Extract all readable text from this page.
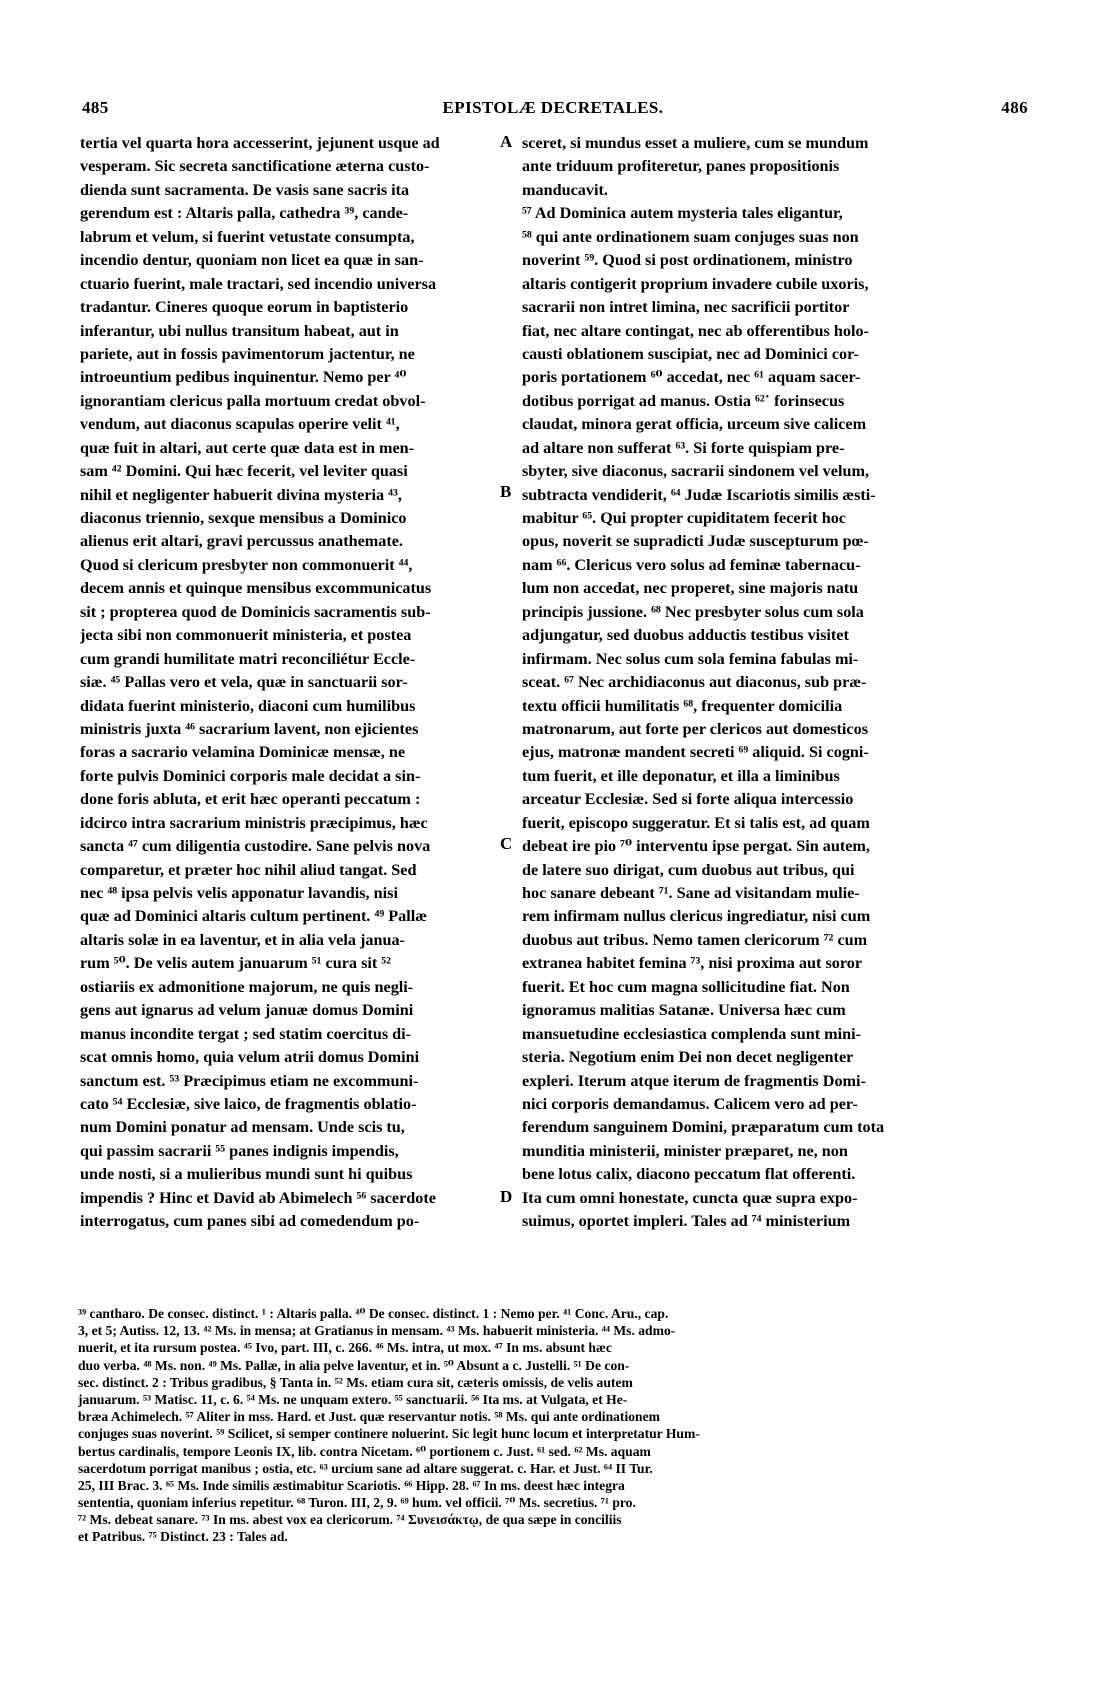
485	EPISTOLÆ DECRETALES.	486
tertia vel quarta hora accesserint, jejunent usque ad
vesperam. Sic secreta sanctificatione æterna custo-
dienda sunt sacramenta. De vasis sane sacris ita
gerendum est : Altaris palla, cathedra ³⁹, cande-
labrum et velum, si fuerint vetustate consumpta,
incendio dentur, quoniam non licet ea quæ in san-
ctuario fuerint, male tractari, sed incendio universa
tradantur. Cineres quoque eorum in baptisterio
inferantur, ubi nullus transitum habeat, aut in
pariete, aut in fossis pavimentorum jactentur, ne
introeuntium pedibus inquinentur. Nemo per ⁴⁰
ignorantiam clericus palla mortuum credat obvol-
vendum, aut diaconus scapulas operire velit ⁴¹,
quæ fuit in altari, aut certe quæ data est in men-
sam ⁴² Domini. Qui hæc fecerit, vel leviter quasi
nihil et negligenter habuerit divina mysteria ⁴³,
diaconus triennio, sexque mensibus a Dominico
alienus erit altari, gravi percussus anathemate.
Quod si clericum presbyter non commonuerit ⁴⁴,
decem annis et quinque mensibus excommunicatus
sit ; propterea quod de Dominicis sacramentis sub-
jecta sibi non commonuerit ministeria, et postea
cum grandi humilitate matri reconciliétur Eccle-
siæ. ⁴⁵ Pallas vero et vela, quæ in sanctuarii sor-
didata fuerint ministerio, diaconi cum humilibus
ministris juxta ⁴⁶ sacrarium lavent, non ejicientes
foras a sacrario velamina Dominicæ mensæ, ne
forte pulvis Dominici corporis male decidat a sin-
done foris abluta, et erit hæc operanti peccatum :
idcirco intra sacrarium ministris præcipimus, hæc
sancta ⁴⁷ cum diligentia custodire. Sane pelvis nova
comparetur, et præter hoc nihil aliud tangat. Sed
nec ⁴⁸ ipsa pelvis velis apponatur lavandis, nisi
quæ ad Dominici altaris cultum pertinent. ⁴⁹ Pallæ
altaris solæ in ea laventur, et in alia vela janua-
rum ⁵⁰. De velis autem januarum ⁵¹ cura sit ⁵²
ostiariis ex admonitione majorum, ne quis negli-
gens aut ignarus ad velum januæ domus Domini
manus incondite tergat ; sed statim coercitus di-
scat omnis homo, quia velum atrii domus Domini
sanctum est. ⁵³ Præcipimus etiam ne excommuni-
cato ⁵⁴ Ecclesiæ, sive laico, de fragmentis oblatio-
num Domini ponatur ad mensam. Unde scis tu,
qui passim sacrarii ⁵⁵ panes indignis impendis,
unde nosti, si a mulieribus mundi sunt hi quibus
impendis ? Hinc et David ab Abimelech ⁵⁶ sacerdote
interrogatus, cum panes sibi ad comedendum po-
sceret, si mundus esset a muliere, cum se mundum
ante triduum profiteretur, panes propositionis
manducavit.
⁵⁷ Ad Dominica autem mysteria tales eligantur,
⁵⁸ qui ante ordinationem suam conjuges suas non
noverint ⁵⁹. Quod si post ordinationem, ministro
altaris contigerit proprium invadere cubile uxoris,
sacrarii non intret limina, nec sacrificii portitor
fiat, nec altare contingat, nec ab offerentibus holo-
causti oblationem suscipiat, nec ad Dominici cor-
poris portationem ⁶⁰ accedat, nec ⁶¹ aquam sacer-
dotibus porrigat ad manus. Ostia ⁶²˙ forinsecus
claudat, minora gerat officia, urceum sive calicem
ad altare non sufferat ⁶³. Si forte quispiam pre-
sbyter, sive diaconus, sacrarii sindonem vel velum,
subtracta vendiderit, ⁶⁴ Judæ Iscariotis similis æsti-
mabitur ⁶⁵. Qui propter cupiditatem fecerit hoc
opus, noverit se supradicti Judæ suscepturum pœ-
nam ⁶⁶. Clericus vero solus ad feminæ tabernacu-
lum non accedat, nec properet, sine majoris natu
principis jussione. ⁶⁸ Nec presbyter solus cum sola
adjungatur, sed duobus adductis testibus visitet
infirmam. Nec solus cum sola femina fabulas mi-
sceat. ⁶⁷ Nec archidiaconus aut diaconus, sub præ-
textu officii humilitatis ⁶⁸, frequenter domicilia
matronarum, aut forte per clericos aut domesticos
ejus, matronæ mandent secreti ⁶⁹ aliquid. Si cogni-
tum fuerit, et ille deponatur, et illa a liminibus
arceatur Ecclesiæ. Sed si forte aliqua intercessio
fuerit, episcopo suggeratur. Et si talis est, ad quam
debeat ire pio ⁷⁰ interventu ipse pergat. Sin autem,
de latere suo dirigat, cum duobus aut tribus, qui
hoc sanare debeant ⁷¹. Sane ad visitandam mulie-
rem infirmam nullus clericus ingrediatur, nisi cum
duobus aut tribus. Nemo tamen clericorum ⁷² cum
extranea habitet femina ⁷³, nisi proxima aut soror
fuerit. Et hoc cum magna sollicitudine fiat. Non
ignoramus malitias Satanæ. Universa hæc cum
mansuetudine ecclesiastica complenda sunt mini-
steria. Negotium enim Dei non decet negligenter
expleri. Iterum atque iterum de fragmentis Domi-
nici corporis demandamus. Calicem vero ad per-
ferendum sanguinem Domini, præparatum cum tota
munditia ministerii, minister præparet, ne, non
bene lotus calix, diacono peccatum flat offerenti.
Ita cum omni honestate, cuncta quæ supra expo-
suimus, oportet impleri. Tales ad ⁷⁴ ministerium
A
B
C
D
³⁹ cantharo. De consec. distinct. ¹ : Altaris palla. ⁴⁰ De consec. distinct. 1 : Nemo per. ⁴¹ Conc. Aru., cap.
3, et 5; Autiss. 12, 13. ⁴² Ms. in mensa; at Gratianus in mensam. ⁴³ Ms. habuerit ministeria. ⁴⁴ Ms. admo-
nuerit, et ita rursum postea. ⁴⁵ Ivo, part. III, c. 266. ⁴⁶ Ms. intra, ut mox. ⁴⁷ In ms. absunt hæc
duo verba. ⁴⁸ Ms. non. ⁴⁹ Ms. Pallæ, in alia pelve laventur, et in. ⁵⁰ Absunt a c. Justelli. ⁵¹ De con-
sec. distinct. 2 : Tribus gradibus, § Tanta in. ⁵² Ms. etiam cura sit, cæteris omissis, de velis autem
januarum. ⁵³ Matisc. 11, c. 6. ⁵⁴ Ms. ne unquam extero. ⁵⁵ sanctuarii. ⁵⁶ Ita ms. at Vulgata, et He-
bræa Achimelech. ⁵⁷ Aliter in mss. Hard. et Just. quæ reservantur notis. ⁵⁸ Ms. qui ante ordinationem
conjuges suas noverint. ⁵⁹ Scilicet, si semper continere noluerint. Sic legit hunc locum et interpretatur Hum-
bertus cardinalis, tempore Leonis IX, lib. contra Nicetam. ⁶⁰ portionem c. Just. ⁶¹ sed. ⁶² Ms. aquam
sacerdotum porrigat manibus ; ostia, etc. ⁶³ urcium sane ad altare suggerat. c. Har. et Just. ⁶⁴ II Tur.
25, III Brac. 3. ⁶⁵ Ms. Inde similis æstimabitur Scariotis. ⁶⁶ Hipp. 28. ⁶⁷ In ms. deest hæc integra
sententia, quoniam inferius repetitur. ⁶⁸ Turon. III, 2, 9. ⁶⁹ hum. vel officii. ⁷⁰ Ms. secretius. ⁷¹ pro.
⁷² Ms. debeat sanare. ⁷³ In ms. abest vox ea clericorum. ⁷⁴ Συνεισάκτῳ, de qua sæpe in conciliis
et Patribus. ⁷⁵ Distinct. 23 : Tales ad.
